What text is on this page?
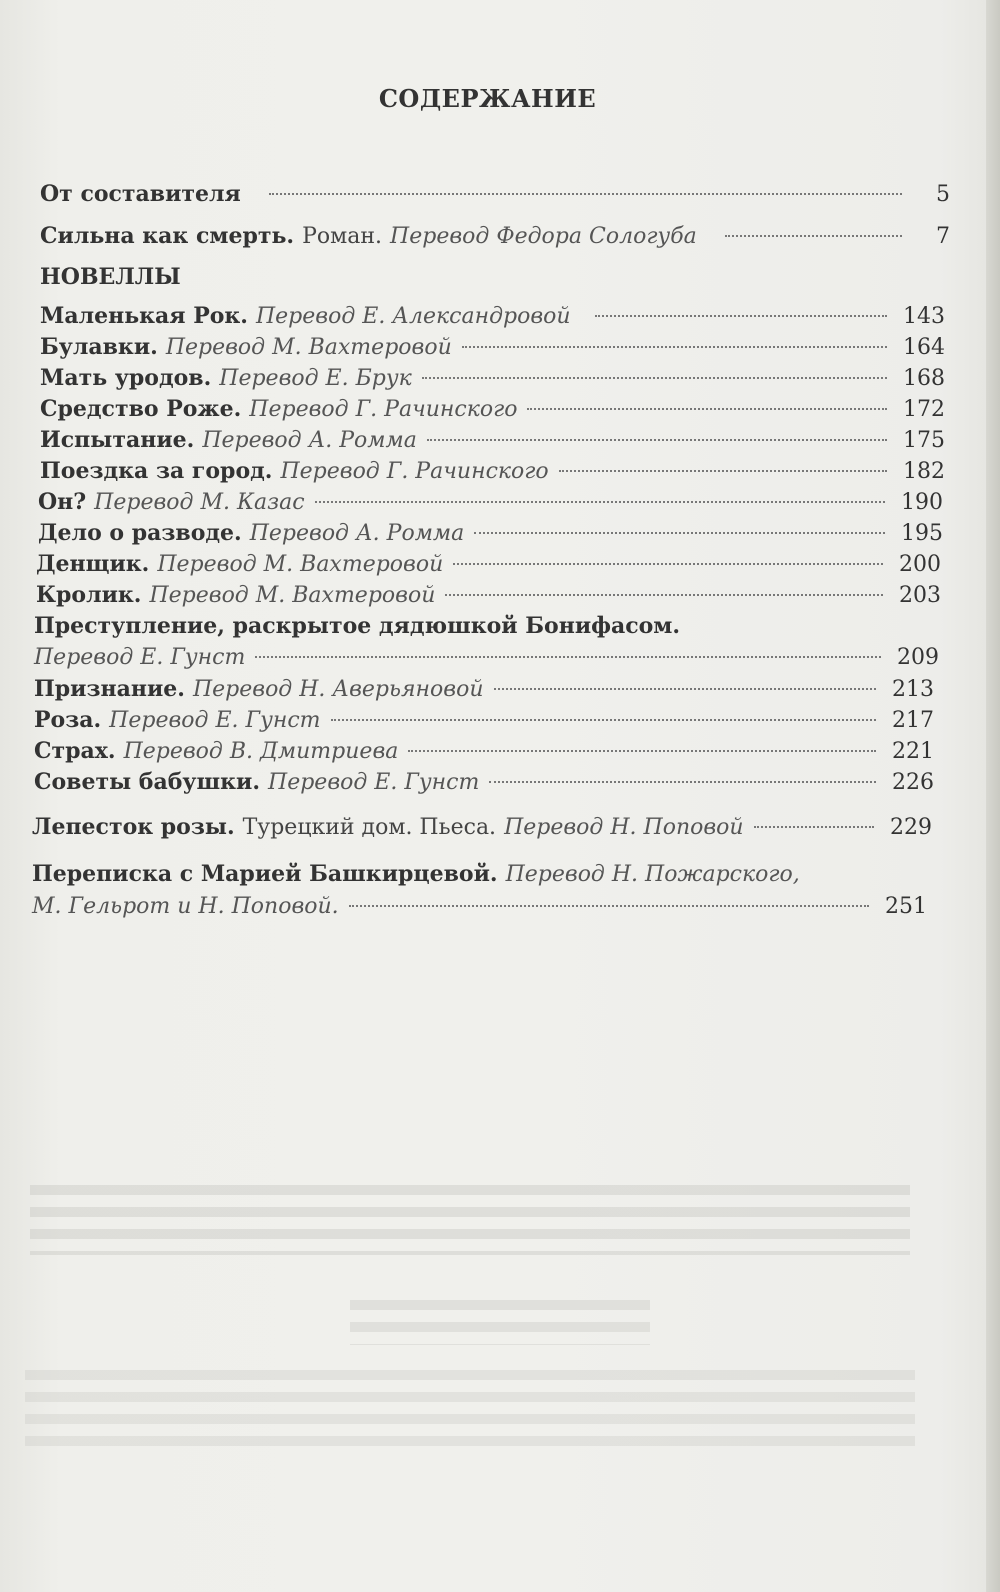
СОДЕРЖАНИЕ
От составителя	5
Сильна как смерть. Роман. Перевод Федора Сологуба	7
НОВЕЛЛЫ
Маленькая Рок. Перевод Е. Александровой	143
Булавки. Перевод М. Вахтеровой	164
Мать уродов. Перевод Е. Брук	168
Средство Роже. Перевод Г. Рачинского	172
Испытание. Перевод А. Ромма	175
Поездка за город. Перевод Г. Рачинского	182
Он? Перевод М. Казас	190
Дело о разводе. Перевод А. Ромма	195
Денщик. Перевод М. Вахтеровой	200
Кролик. Перевод М. Вахтеровой	203
Преступление, раскрытое дядюшкой Бонифасом.
Перевод Е. Гунст	209
Признание. Перевод Н. Аверьяновой	213
Роза. Перевод Е. Гунст	217
Страх. Перевод В. Дмитриева	221
Советы бабушки. Перевод Е. Гунст	226
Лепесток розы. Турецкий дом. Пьеса. Перевод Н. Поповой	229
Переписка с Марией Башкирцевой. Перевод Н. Пожарского,
М. Гельрот и Н. Поповой.	251
